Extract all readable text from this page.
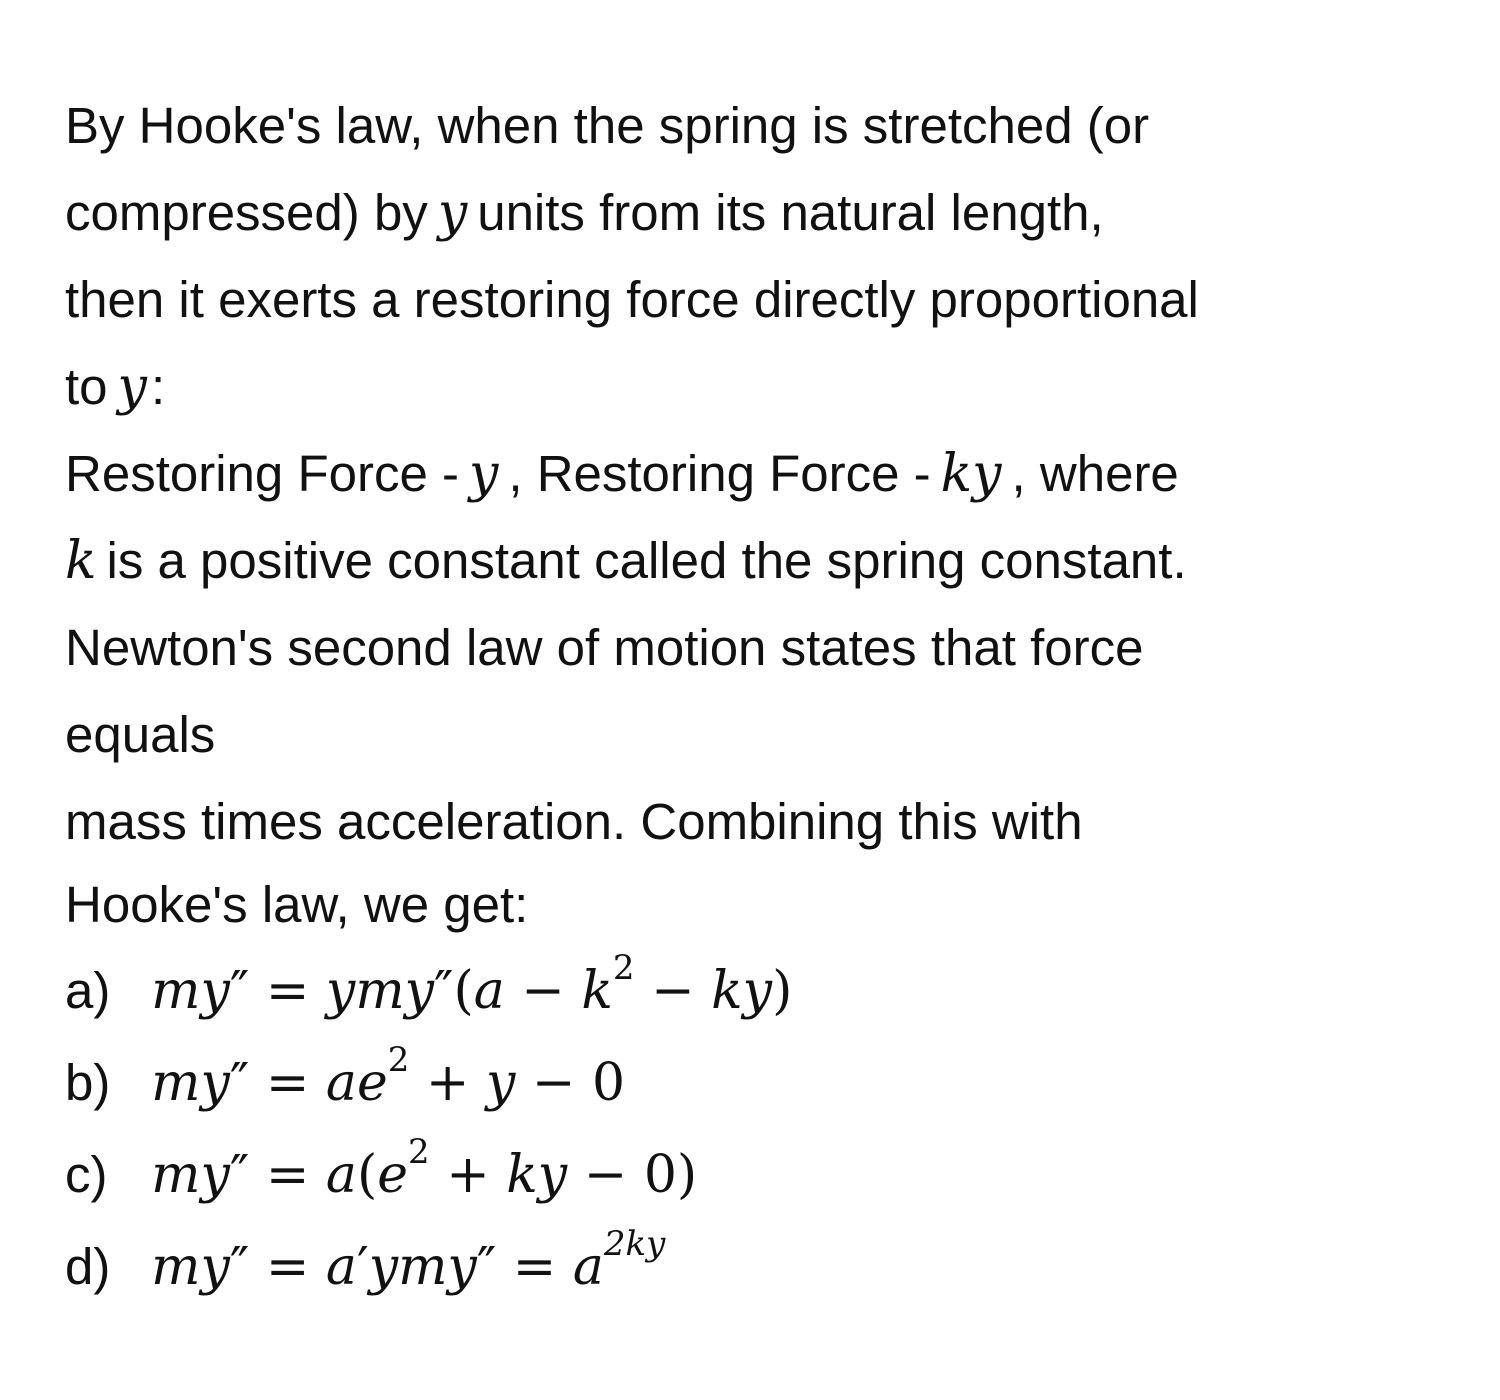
By Hooke's law, when the spring is stretched (or
compressed) by y units from its natural length,
then it exerts a restoring force directly proportional
to y:
Restoring Force - y , Restoring Force - ky , where
k is a positive constant called the spring constant.
Newton's second law of motion states that force
equals
mass times acceleration. Combining this with
Hooke's law, we get:
a) $my'' = ymy''(a - k^2 - ky)$
b) $my'' = ae^2 + y - 0$
c) $my'' = a(e^2$ + ky − 0)
d) $my'' = a'ymy'' = a^{2ky}$
